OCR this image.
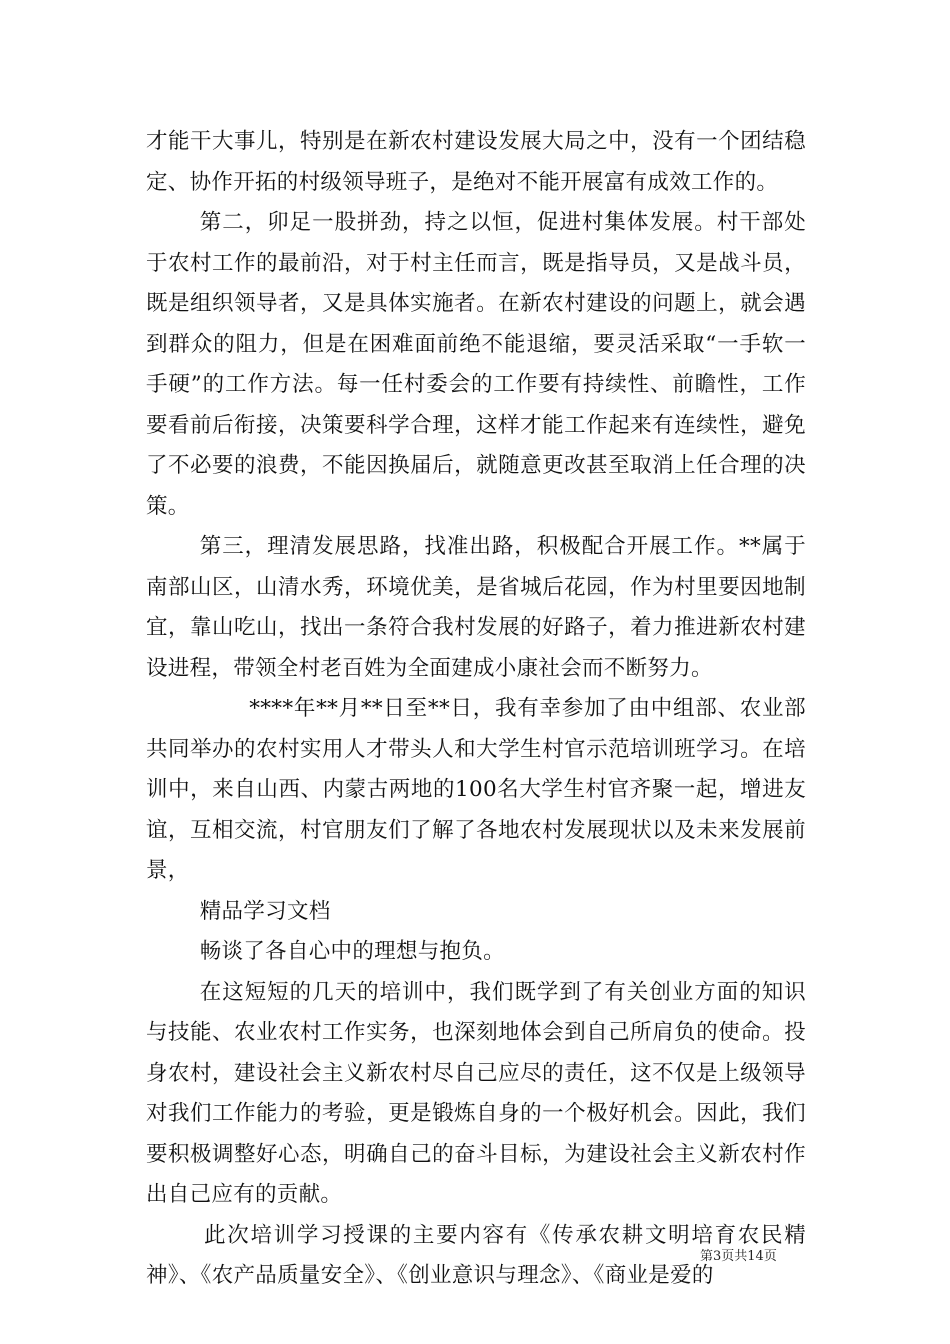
才能干大事儿，特别是在新农村建设发展大局之中，没有一个团结稳定、协作开拓的村级领导班子，是绝对不能开展富有成效工作的。

第二，卯足一股拼劲，持之以恒，促进村集体发展。村干部处于农村工作的最前沿，对于村主任而言，既是指导员，又是战斗员，既是组织领导者，又是具体实施者。在新农村建设的问题上，就会遇到群众的阻力，但是在困难面前绝不能退缩，要灵活采取“一手软一手硬”的工作方法。每一任村委会的工作要有持续性、前瞻性，工作要看前后衔接，决策要科学合理，这样才能工作起来有连续性，避免了不必要的浪费，不能因换届后，就随意更改甚至取消上任合理的决策。

第三，理清发展思路，找准出路，积极配合开展工作。**属于南部山区，山清水秀，环境优美，是省城后花园，作为村里要因地制宜，靠山吃山，找出一条符合我村发展的好路子，着力推进新农村建设进程，带领全村老百姓为全面建成小康社会而不断努力。

****年**月**日至**日，我有幸参加了由中组部、农业部共同举办的农村实用人才带头人和大学生村官示范培训班学习。在培训中，来自山西、内蒙古两地的100名大学生村官齐聚一起，增进友谊，互相交流，村官朋友们了解了各地农村发展现状以及未来发展前景，

精品学习文档

畅谈了各自心中的理想与抱负。

在这短短的几天的培训中，我们既学到了有关创业方面的知识与技能、农业农村工作实务，也深刻地体会到自己所肩负的使命。投身农村，建设社会主义新农村尽自己应尽的责任，这不仅是上级领导对我们工作能力的考验，更是锻炼自身的一个极好机会。因此，我们要积极调整好心态，明确自己的奋斗目标，为建设社会主义新农村作出自己应有的贡献。

此次培训学习授课的主要内容有《传承农耕文明培育农民精神》、《农产品质量安全》、《创业意识与理念》、《商业是爱的

第3页共14页
